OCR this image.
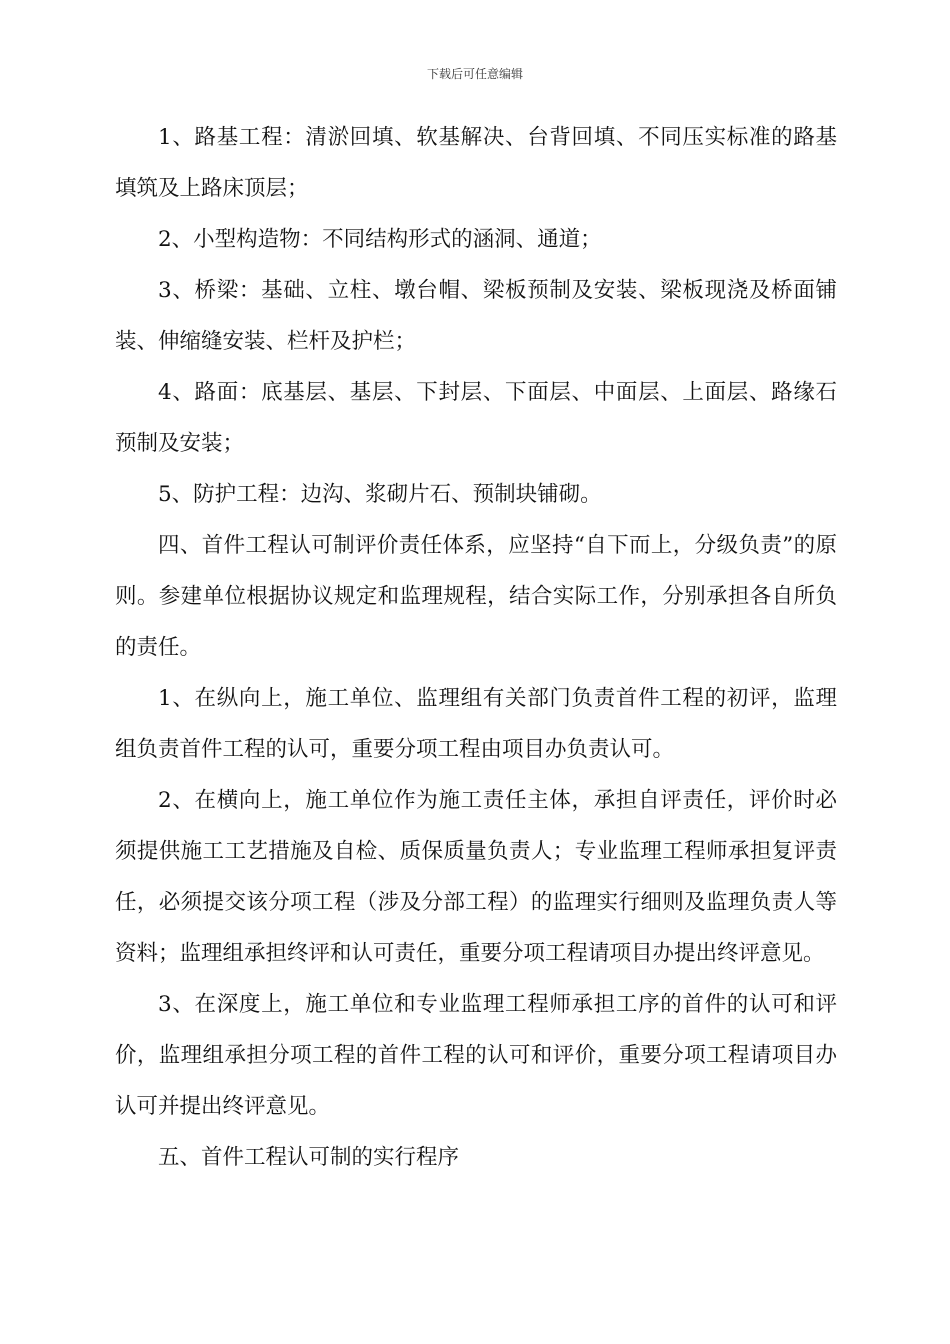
下载后可任意编辑

1、路基工程：清淤回填、软基解决、台背回填、不同压实标准的路基填筑及上路床顶层；

2、小型构造物：不同结构形式的涵洞、通道；

3、桥梁：基础、立柱、墩台帽、梁板预制及安装、梁板现浇及桥面铺装、伸缩缝安装、栏杆及护栏；

4、路面：底基层、基层、下封层、下面层、中面层、上面层、路缘石预制及安装；

5、防护工程：边沟、浆砌片石、预制块铺砌。

四、首件工程认可制评价责任体系，应坚持“自下而上，分级负责”的原则。参建单位根据协议规定和监理规程，结合实际工作，分别承担各自所负的责任。

1、在纵向上，施工单位、监理组有关部门负责首件工程的初评，监理组负责首件工程的认可，重要分项工程由项目办负责认可。

2、在横向上，施工单位作为施工责任主体，承担自评责任，评价时必须提供施工工艺措施及自检、质保质量负责人；专业监理工程师承担复评责任，必须提交该分项工程（涉及分部工程）的监理实行细则及监理负责人等资料；监理组承担终评和认可责任，重要分项工程请项目办提出终评意见。

3、在深度上，施工单位和专业监理工程师承担工序的首件的认可和评价，监理组承担分项工程的首件工程的认可和评价，重要分项工程请项目办认可并提出终评意见。

五、首件工程认可制的实行程序
